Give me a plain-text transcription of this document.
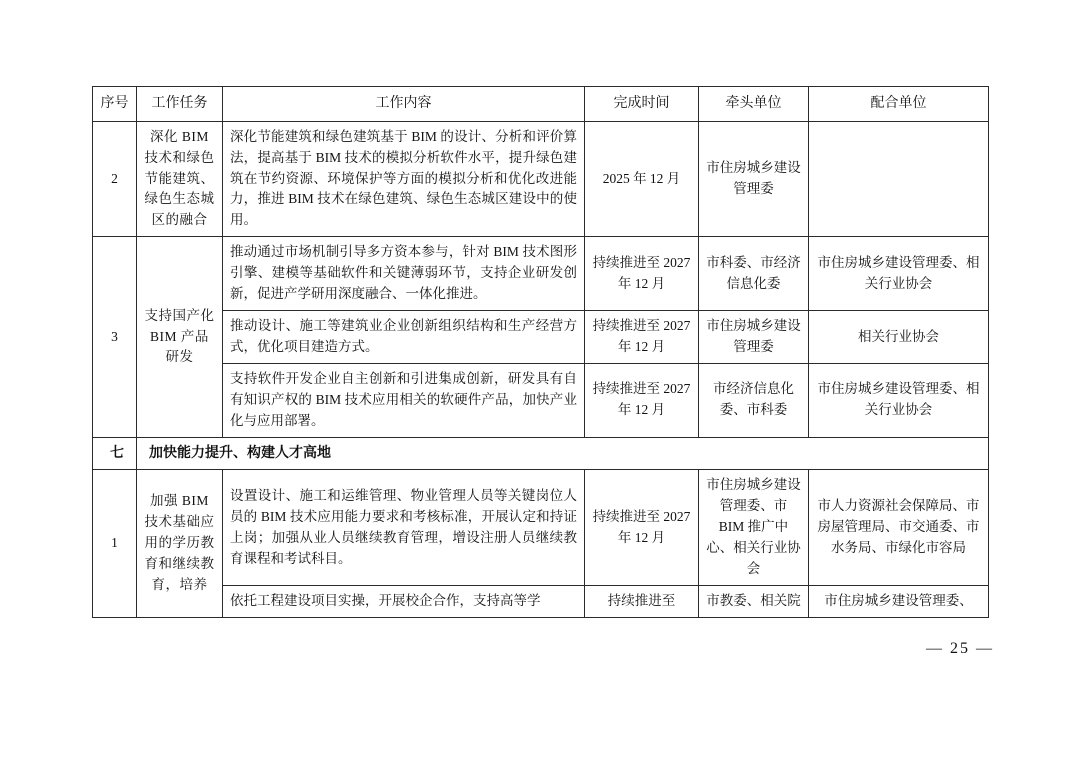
序号	工作任务	工作内容	完成时间	牵头单位	配合单位
2	深化 BIM 技术和绿色节能建筑、绿色生态城区的融合	深化节能建筑和绿色建筑基于 BIM 的设计、分析和评价算法，提高基于 BIM 技术的模拟分析软件水平，提升绿色建筑在节约资源、环境保护等方面的模拟分析和优化改进能力，推进 BIM 技术在绿色建筑、绿色生态城区建设中的使用。	2025 年 12 月	市住房城乡建设管理委	
3	支持国产化 BIM 产品研发	推动通过市场机制引导多方资本参与，针对 BIM 技术图形引擎、建模等基础软件和关键薄弱环节，支持企业研发创新，促进产学研用深度融合、一体化推进。	持续推进至 2027 年 12 月	市科委、市经济信息化委	市住房城乡建设管理委、相关行业协会
		推动设计、施工等建筑业企业创新组织结构和生产经营方式，优化项目建造方式。	持续推进至 2027 年 12 月	市住房城乡建设管理委	相关行业协会
		支持软件开发企业自主创新和引进集成创新，研发具有自有知识产权的 BIM 技术应用相关的软硬件产品，加快产业化与应用部署。	持续推进至 2027 年 12 月	市经济信息化委、市科委	市住房城乡建设管理委、相关行业协会
七	加快能力提升、构建人才高地				
1	加强 BIM 技术基础应用的学历教育和继续教育，培养	设置设计、施工和运维管理、物业管理人员等关键岗位人员的 BIM 技术应用能力要求和考核标准，开展认定和持证上岗；加强从业人员继续教育管理，增设注册人员继续教育课程和考试科目。	持续推进至 2027 年 12 月	市住房城乡建设管理委、市 BIM 推广中心、相关行业协会	市人力资源社会保障局、市房屋管理局、市交通委、市水务局、市绿化市容局
		依托工程建设项目实操，开展校企合作，支持高等学	持续推进至	市教委、相关院	市住房城乡建设管理委、
— 25 —
